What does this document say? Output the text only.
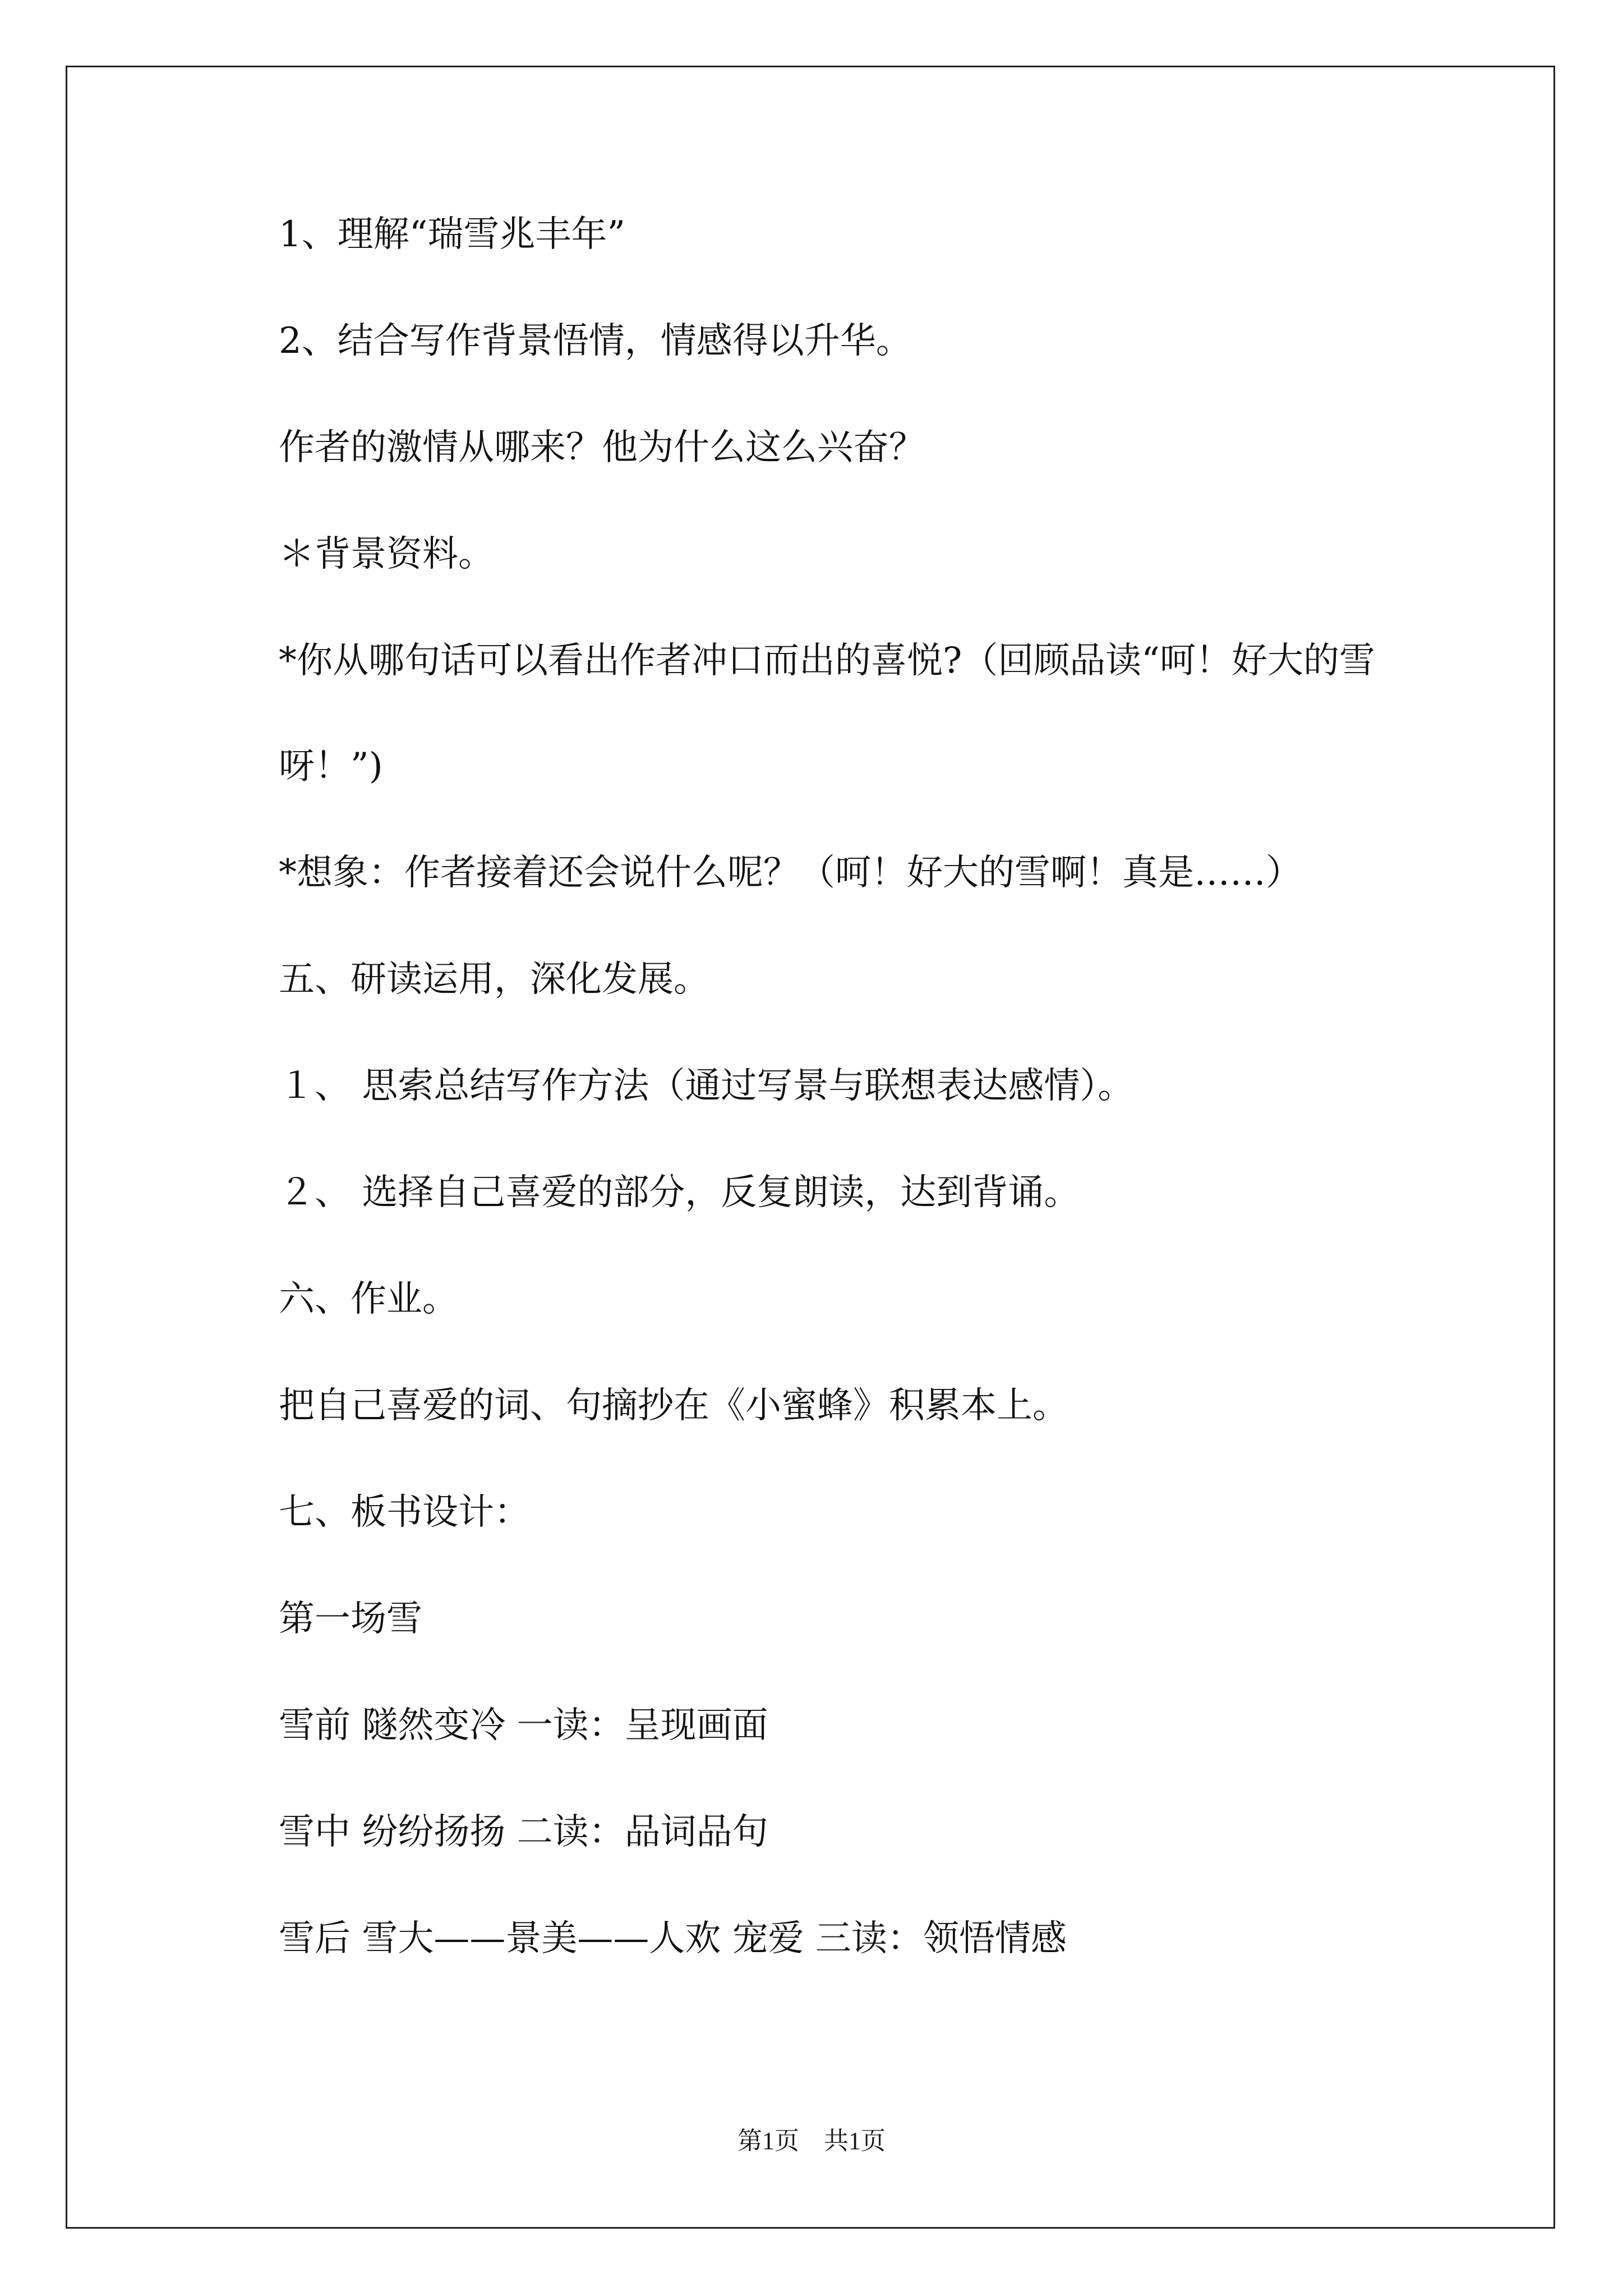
1、理解“瑞雪兆丰年”

2、结合写作背景悟情，情感得以升华。

作者的激情从哪来？他为什么这么兴奋？

＊背景资料。

*你从哪句话可以看出作者冲口而出的喜悦?（回顾品读“呵！好大的雪呀！”)

*想象：作者接着还会说什么呢？（呵！好大的雪啊！真是……）

五、研读运用，深化发展。

１、 思索总结写作方法（通过写景与联想表达感情）。

２、 选择自己喜爱的部分，反复朗读，达到背诵。

六、作业。

把自己喜爱的词、句摘抄在《小蜜蜂》积累本上。

七、板书设计：

第一场雪

雪前 隧然变冷 一读：呈现画面

雪中 纷纷扬扬 二读：品词品句

雪后 雪大——景美——人欢 宠爱 三读：领悟情感

第1页　共1页
